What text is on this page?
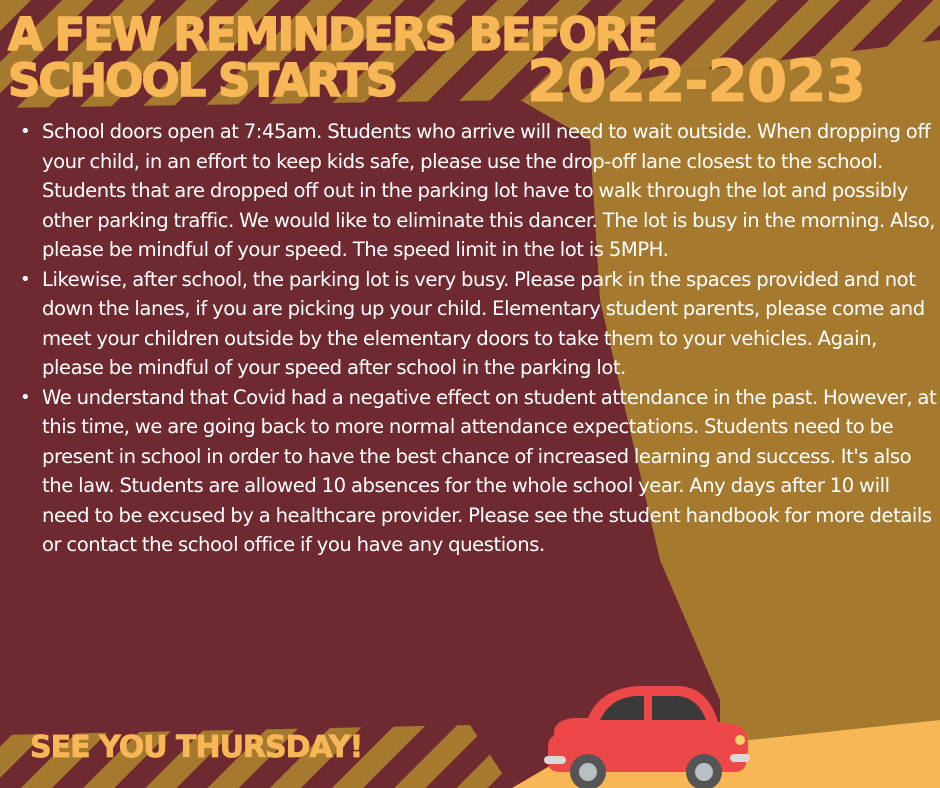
A FEW REMINDERS BEFORE
SCHOOL STARTS 2022-2023
• School doors open at 7:45am. Students who arrive will need to wait outside. When dropping off your child, in an effort to keep kids safe, please use the drop-off lane closest to the school. Students that are dropped off out in the parking lot have to walk through the lot and possibly other parking traffic. We would like to eliminate this dancer. The lot is busy in the morning. Also, please be mindful of your speed. The speed limit in the lot is 5MPH.
• Likewise, after school, the parking lot is very busy. Please park in the spaces provided and not down the lanes, if you are picking up your child. Elementary student parents, please come and meet your children outside by the elementary doors to take them to your vehicles. Again, please be mindful of your speed after school in the parking lot.
• We understand that Covid had a negative effect on student attendance in the past. However, at this time, we are going back to more normal attendance expectations. Students need to be present in school in order to have the best chance of increased learning and success. It's also the law. Students are allowed 10 absences for the whole school year. Any days after 10 will need to be excused by a healthcare provider. Please see the student handbook for more details or contact the school office if you have any questions.
SEE YOU THURSDAY!
